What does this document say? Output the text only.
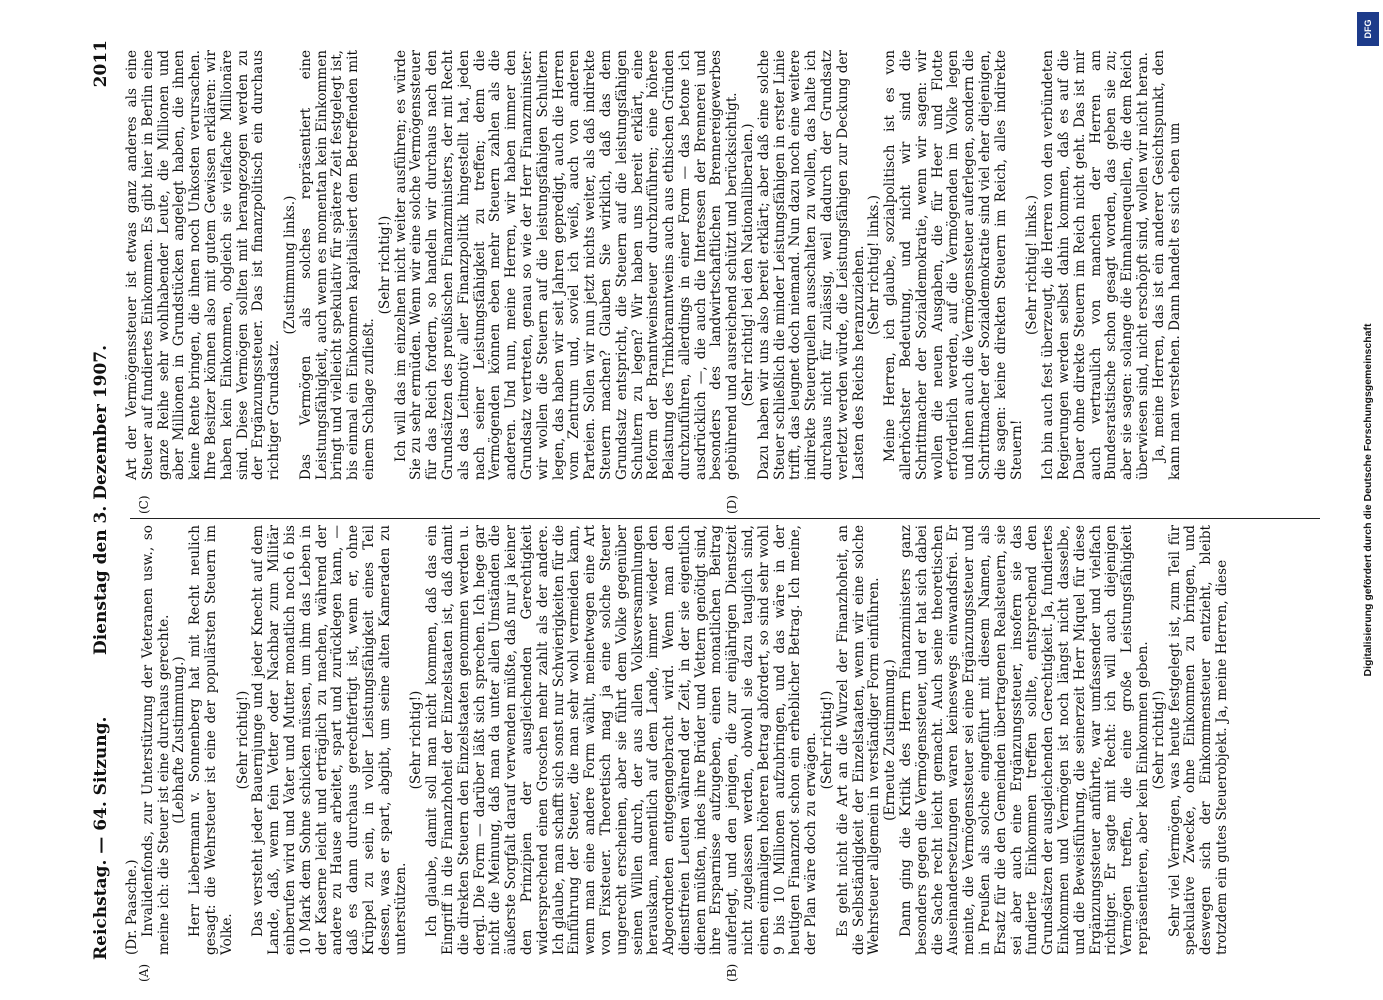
Reichstag. — 64. Sitzung.
Dienstag den 3. Dezember 1907.
2011
(A)	(B)
(C)	(D)

(Dr. Paasche.) Invalidenfonds, zur Unterstützung der Veteranen usw., so meine ich: die Steuer ist eine durchaus gerechte. (Lebhafte Zustimmung.) Herr Liebermann v. Sonnenberg hat mit Recht neulich gesagt: die Wehrsteuer ist eine der populärsten Steuern im Volke.

(Sehr richtig!) Das versteht jeder Bauernjunge und jeder Knecht auf dem Lande, daß, wenn fein Vetter oder Nachbar zum Militär einberufen wird und Vater und Mutter monatlich noch 6 bis 10 Mark dem Sohne schicken müssen, um ihm das Leben in der Kaserne leicht und erträglich zu machen, während der andere zu Hause arbeitet, spart und zurücklegen kann, — daß es dann durchaus gerechtfertigt ist, wenn er, ohne Krüppel zu sein, in voller Leistungsfähigkeit eines Teil dessen, was er spart, abgibt, um seine alten Kameraden zu unterstützen.

(Sehr richtig!) Ich glaube, damit soll man nicht kommen, daß das ein Eingriff in die Finanzhoheit der Einzelstaaten ist, daß damit die direkten Steuern den Einzelstaaten genommen werden u. dergl. Die Form — darüber läßt sich sprechen. Ich hege gar nicht die Meinung, daß man da unter allen Umständen die äußerste Sorgfalt darauf verwenden müßte, daß nur ja keiner den Prinzipien der ausgleichenden Gerechtigkeit widersprechend einen Groschen mehr zahlt als der andere. Ich glaube, man schafft sich sonst nur Schwierigkeiten für die Einführung der Steuer, die man sehr wohl vermeiden kann, wenn man eine andere Form wählt, meinetwegen eine Art von Fixsteuer. Theoretisch mag ja eine solche Steuer ungerecht erscheinen, aber sie führt dem Volke gegenüber seinen Willen durch, der aus allen Volksversammlungen herauskam, namentlich auf dem Lande, immer wieder den Abgeordneten entgegengebracht wird. Wenn man den dienstfreien Leuten während der Zeit, in der sie eigentlich dienen müßten, indes ihre Brüder und Vettern genötigt sind, ihre Ersparnisse aufzugeben, einen monatlichen Beitrag auferlegt, und den jenigen, die zur einjährigen Dienstzeit nicht zugelassen werden, obwohl sie dazu tauglich sind, einen einmaligen höheren Betrag abfordert, so sind sehr wohl 9 bis 10 Millionen aufzubringen, und das wäre in der heutigen Finanznot schon ein erheblicher Betrag. Ich meine, der Plan wäre doch zu erwägen. (Sehr richtig!) Es geht nicht die Art an die Wurzel der Finanzhoheit, an die Selbständigkeit der Einzelstaaten, wenn wir eine solche Wehrsteuer allgemein in verständiger Form einführen. (Erneute Zustimmung.) Dann ging die Kritik des Herrn Finanzministers ganz besonders gegen die Vermögenssteuer, und er hat sich dabei die Sache recht leicht gemacht. Auch seine theoretischen Auseinandersetzungen waren keineswegs einwandsfrei. Er meinte, die Vermögenssteuer sei eine Ergänzungssteuer und in Preußen als solche eingeführt mit diesem Namen, als Ersatz für die den Gemeinden übertragenen Realsteuern, sie sei aber auch eine Ergänzungssteuer, insofern sie das fundierte Einkommen treffen sollte, entsprechend den Grundsätzen der ausgleichenden Gerechtigkeit. Ja, fundiertes Einkommen und Vermögen ist noch längst nicht dasselbe, und die Beweisführung, die seinerzeit Herr Miquel für diese Ergänzungssteuer anführte, war umfassender und vielfach richtiger. Er sagte mit Recht: ich will auch diejenigen Vermögen treffen, die eine große Leistungsfähigkeit repräsentieren, aber kein Einkommen geben. (Sehr richtig!) Sehr viel Vermögen, was heute festgelegt ist, zum Teil für spekulative Zwecke, ohne Einkommen zu bringen, und deswegen sich der Einkommensteuer entzieht, bleibt trotzdem ein gutes Steuerobjekt. Ja, meine Herren, diese

Art der Vermögenssteuer ist etwas ganz anderes als eine Steuer auf fundiertes Einkommen. Es gibt hier in Berlin eine ganze Reihe sehr wohlhabender Leute, die Millionen und aber Millionen in Grundstücken angelegt haben, die ihnen keine Rente bringen, die ihnen noch Unkosten verursachen. Ihre Besitzer können also mit gutem Gewissen erklären: wir haben kein Einkommen, obgleich sie vielfache Millionäre sind. Diese Vermögen sollten mit herangezogen werden zu der Ergänzungssteuer. Das ist finanzpolitisch ein durchaus richtiger Grundsatz.

(Zustimmung links.) Das Vermögen als solches repräsentiert eine Leistungsfähigkeit, auch wenn es momentan kein Einkommen bringt und vielleicht spekulativ für spätere Zeit festgelegt ist, bis einmal ein Einkommen kapitalisiert dem Betreffenden mit einem Schlage zufließt.

(Sehr richtig!) Ich will das im einzelnen nicht weiter ausführen; es würde Sie zu sehr ermüden. Wenn wir eine solche Vermögenssteuer für das Reich fordern, so handeln wir durchaus nach den Grundsätzen des preußischen Finanzministers, der mit Recht als das Leitmotiv aller Finanzpolitik hingestellt hat, jeden nach seiner Leistungsfähigkeit zu treffen; denn die Vermögenden können eben mehr Steuern zahlen als die anderen. Und nun, meine Herren, wir haben immer den Grundsatz vertreten, genau so wie der Herr Finanzminister: wir wollen die Steuern auf die leistungsfähigen Schultern legen, das haben wir seit Jahren gepredigt, auch die Herren vom Zentrum und, soviel ich weiß, auch von anderen Parteien. Sollen wir nun jetzt nichts weiter, als daß indirekte Steuern machen? Glauben Sie wirklich, daß das dem Grundsatz entspricht, die Steuern auf die leistungsfähigen Schultern zu legen? Wir haben uns bereit erklärt, eine Reform der Branntweinsteuer durchzuführen; eine höhere Belastung des Trinkbranntweins auch aus ethischen Gründen durchzuführen, allerdings in einer Form — das betone ich ausdrücklich —, die auch die Interessen der Brennerei und besonders des landwirtschaftlichen Brennereigewerbes gebührend und ausreichend schützt und berücksichtigt. (Sehr richtig! bei den Nationalliberalen.) Dazu haben wir uns also bereit erklärt; aber daß eine solche Steuer schließlich die minder Leistungsfähigen in erster Linie trifft, das leugnet doch niemand. Nun dazu noch eine weitere indirekte Steuerquellen ausschalten zu wollen, das halte ich durchaus nicht für zulässig, weil dadurch der Grundsatz verletzt werden würde, die Leistungsfähigen zur Deckung der Lasten des Reichs heranzuziehen. (Sehr richtig! links.) Meine Herren, ich glaube, sozialpolitisch ist es von allerhöchster Bedeutung, und nicht wir sind die Schrittmacher der Sozialdemokratie, wenn wir sagen: wir wollen die neuen Ausgaben, die für Heer und Flotte erforderlich werden, auf die Vermögenden im Volke legen und ihnen auch die Vermögenssteuer auferlegen, sondern die Schrittmacher der Sozialdemokratie sind viel eher diejenigen, die sagen: keine direkten Steuern im Reich, alles indirekte Steuern!

(Sehr richtig! links.) Ich bin auch fest überzeugt, die Herren von den verbündeten Regierungen werden selbst dahin kommen, daß es auf die Dauer ohne direkte Steuern im Reich nicht geht. Das ist mir auch vertraulich von manchen der Herren am Bundesratstische schon gesagt worden, das geben sie zu; aber sie sagen: solange die Einnahmequellen, die dem Reich überwiesen sind, nicht erschöpft sind, wollen wir nicht heran. Ja, meine Herren, das ist ein anderer Gesichtspunkt, den kann man verstehen. Dann handelt es sich eben um

DFG
Digitalisierung gefördert durch die Deutsche Forschungsgemeinschaft
